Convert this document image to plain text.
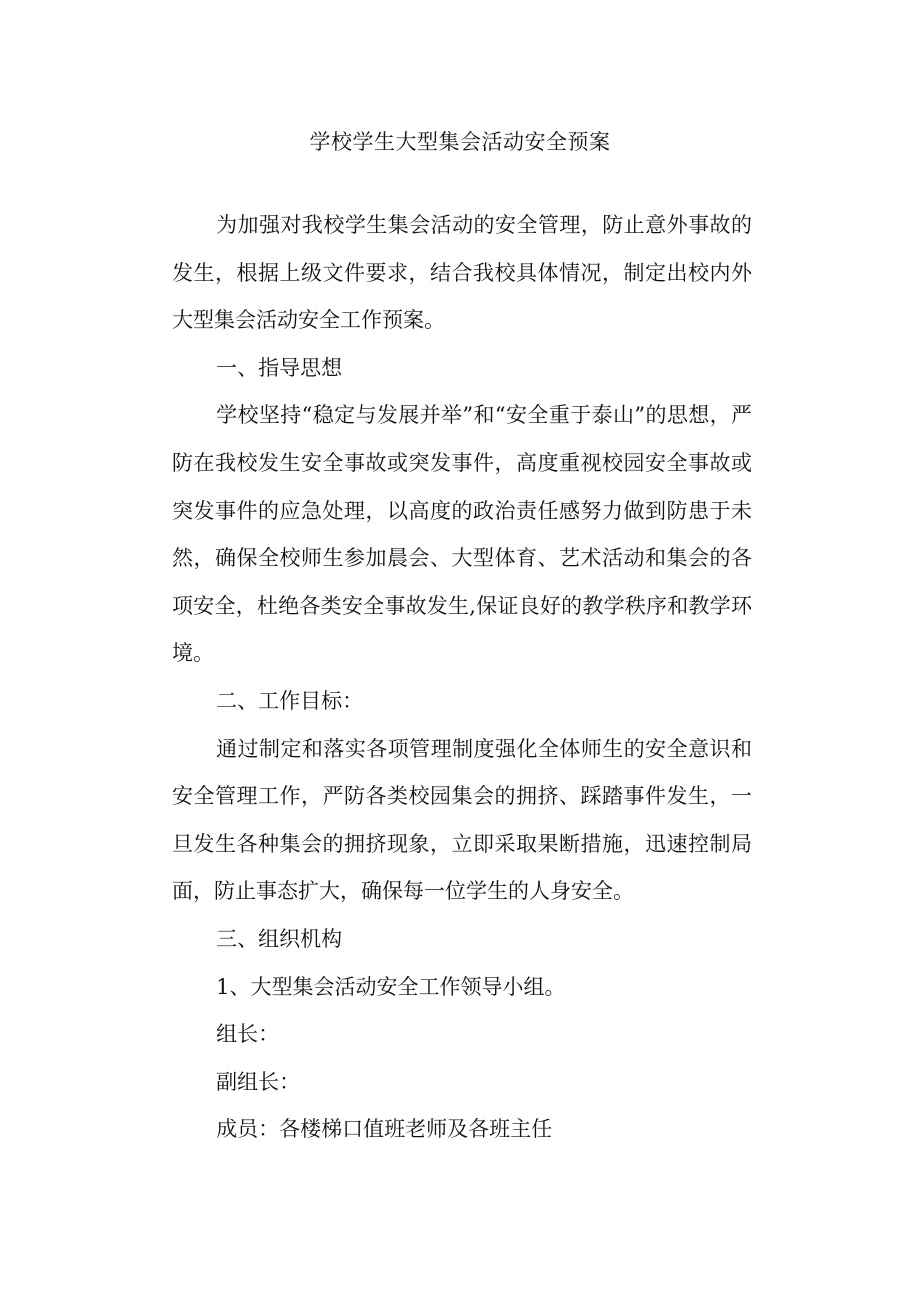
学校学生大型集会活动安全预案

为加强对我校学生集会活动的安全管理，防止意外事故的发生，根据上级文件要求，结合我校具体情况，制定出校内外大型集会活动安全工作预案。

一、指导思想

学校坚持“稳定与发展并举”和“安全重于泰山”的思想，严防在我校发生安全事故或突发事件，高度重视校园安全事故或突发事件的应急处理，以高度的政治责任感努力做到防患于未然，确保全校师生参加晨会、大型体育、艺术活动和集会的各项安全，杜绝各类安全事故发生,保证良好的教学秩序和教学环境。

二、工作目标：

通过制定和落实各项管理制度强化全体师生的安全意识和安全管理工作，严防各类校园集会的拥挤、踩踏事件发生，一旦发生各种集会的拥挤现象，立即采取果断措施，迅速控制局面，防止事态扩大，确保每一位学生的人身安全。

三、组织机构

1、大型集会活动安全工作领导小组。

组长：

副组长：

成员：各楼梯口值班老师及各班主任
